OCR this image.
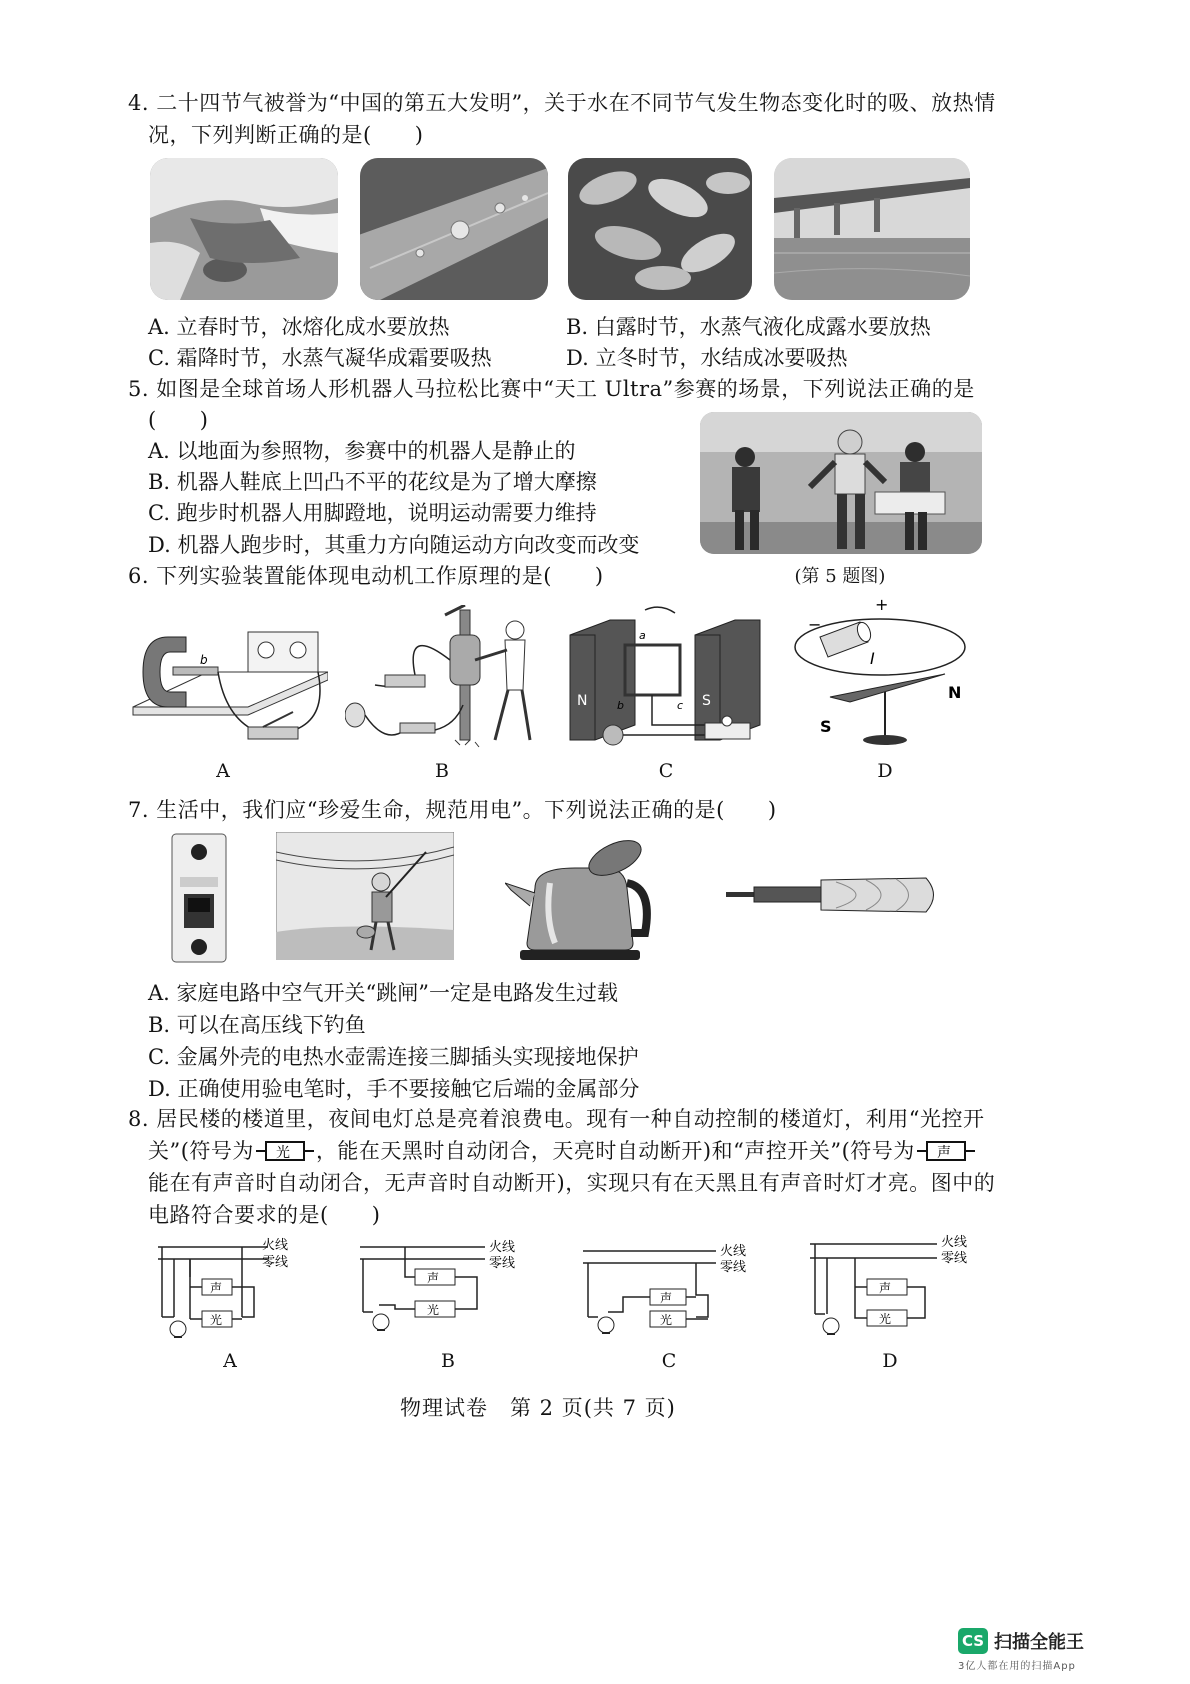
4. 二十四节气被誉为“中国的第五大发明”，关于水在不同节气发生物态变化时的吸、放热情
况，下列判断正确的是(　　)
A. 立春时节，冰熔化成水要放热	B. 白露时节，水蒸气液化成露水要放热
C. 霜降时节，水蒸气凝华成霜要吸热	D. 立冬时节，水结成冰要吸热
5. 如图是全球首场人形机器人马拉松比赛中“天工 Ultra”参赛的场景，下列说法正确的是
(　　)
A. 以地面为参照物，参赛中的机器人是静止的
B. 机器人鞋底上凹凸不平的花纹是为了增大摩擦
C. 跑步时机器人用脚蹬地，说明运动需要力维持
D. 机器人跑步时，其重力方向随运动方向改变而改变
(第 5 题图)
6. 下列实验装置能体现电动机工作原理的是(　　)
b
A	B
N	S
a
b	c
C
+
−
I
N
S
D
7. 生活中，我们应“珍爱生命，规范用电”。下列说法正确的是(　　)
A. 家庭电路中空气开关“跳闸”一定是电路发生过载
B. 可以在高压线下钓鱼
C. 金属外壳的电热水壶需连接三脚插头实现接地保护
D. 正确使用验电笔时，手不要接触它后端的金属部分
8. 居民楼的楼道里，夜间电灯总是亮着浪费电。现有一种自动控制的楼道灯，利用“光控开
关”(符号为 光 ，能在天黑时自动闭合，天亮时自动断开)和“声控开关”(符号为 声
能在有声音时自动闭合，无声音时自动断开)，实现只有在天黑且有声音时灯才亮。图中的
电路符合要求的是(　　)
火线
零线
声
光
A
火线
零线
声
光
B
火线
零线
声
光
C
火线
零线
声
光
D
物理试卷　第 2 页(共 7 页)
CS 扫描全能王
3亿人都在用的扫描App
